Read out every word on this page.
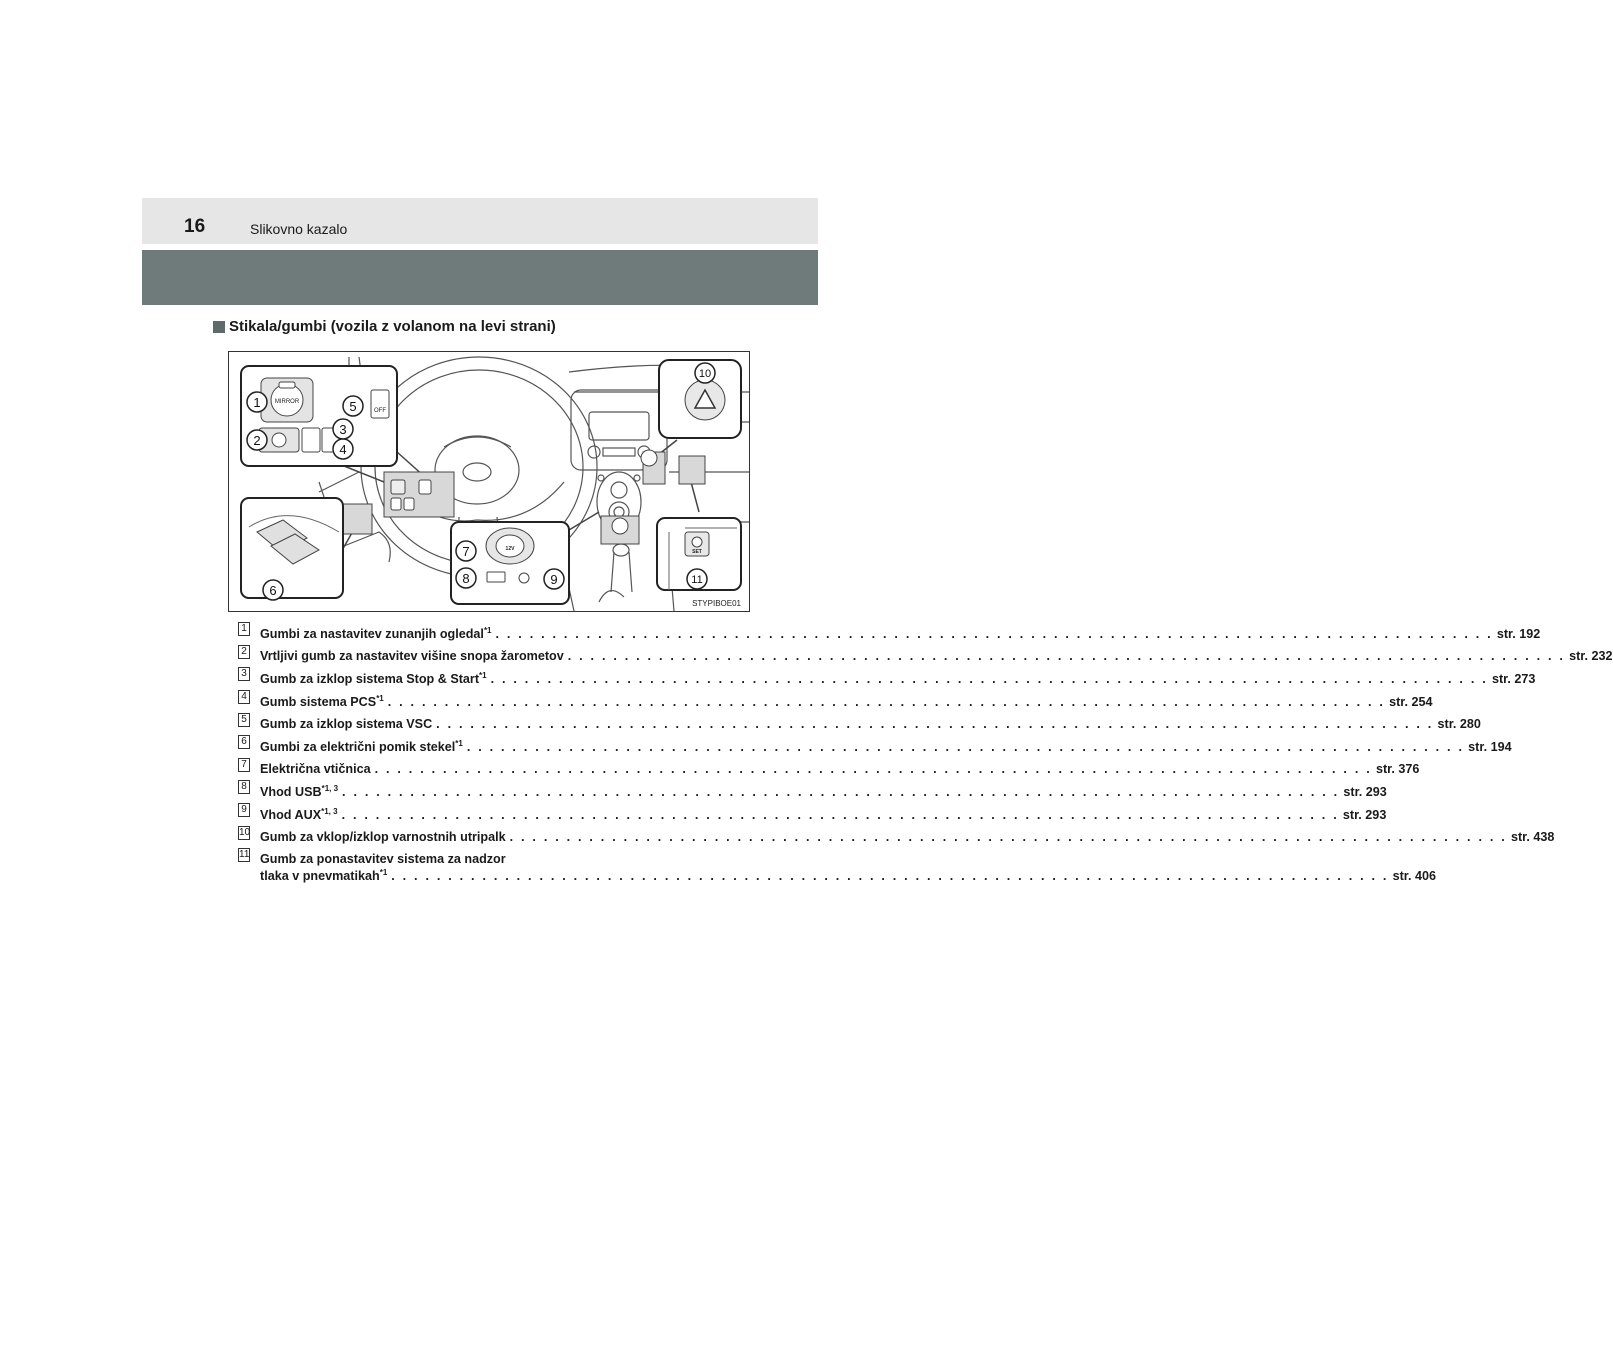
16	Slikovno kazalo
Stikala/gumbi (vozila z volanom na levi strani)
MIRROR
OFF
12V	SET
1
2
3
4
5
6
7
8	9
10
11
STYPIBOE01
1 Gumbi za nastavitev zunanjih ogledal$^{*1}$ . . .	str. 192
2 Vrtljivi gumb za nastavitev višine snopa žarometov . . .	str. 232
3 Gumb za izklop sistema Stop & Start$^{*1}$ . . .	str. 273
4 Gumb sistema PCS$^{*1}$ . . .	str. 254
5 Gumb za izklop sistema VSC . . .	str. 280
6 Gumbi za električni pomik stekel$^{*1}$ . . .	str. 194
7 Električna vtičnica . . .	str. 376
8 Vhod USB$^{*1, 3}$ . . .	str. 293
9 Vhod AUX$^{*1, 3}$ . . .	str. 293
10 Gumb za vklop/izklop varnostnih utripalk . . .	str. 438
11 Gumb za ponastavitev sistema za nadzor
tlaka v pnevmatikah$^{*1}$ . . .	str. 406
